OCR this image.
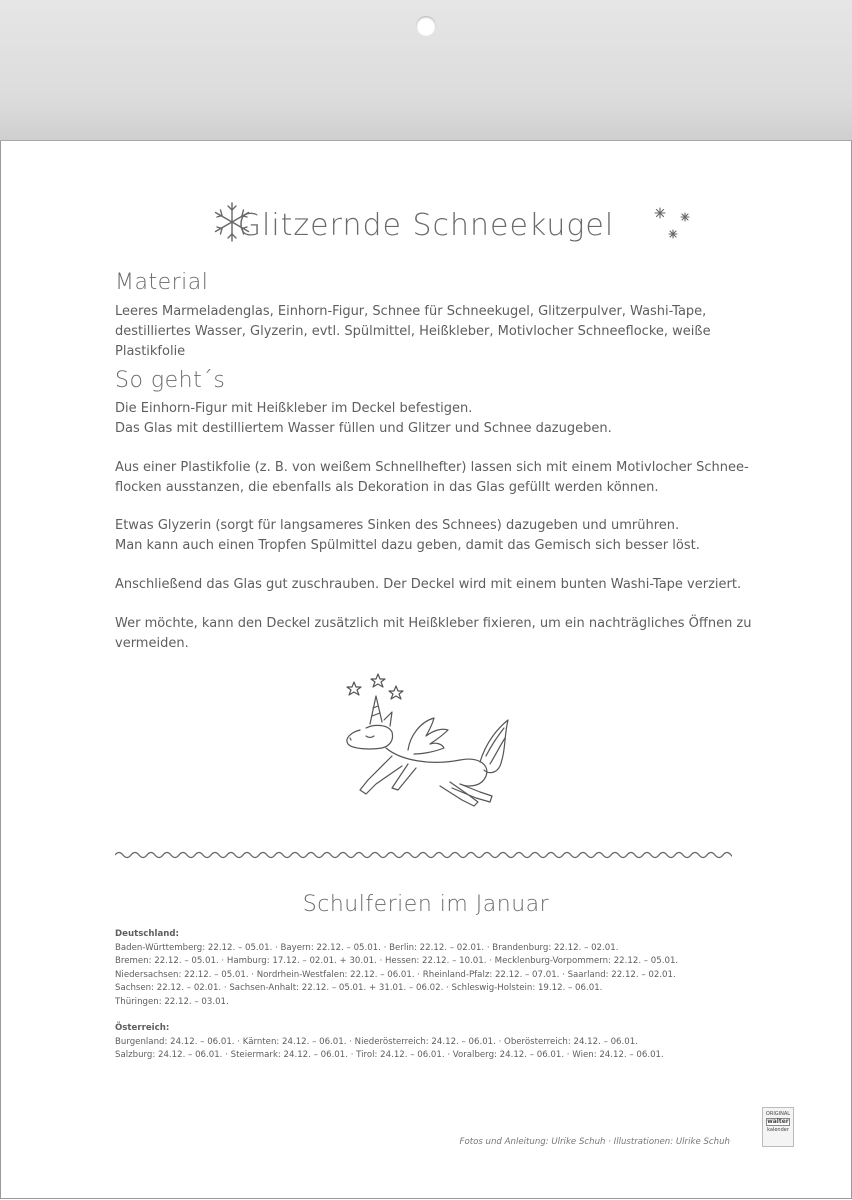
Glitzernde Schneekugel
Material

Leeres Marmeladenglas, Einhorn-Figur, Schnee für Schneekugel, Glitzerpulver, Washi-Tape, destilliertes Wasser, Glyzerin, evtl. Spülmittel, Heißkleber, Motivlocher Schneeflocke, weiße Plastikfolie

So geht´s

Die Einhorn-Figur mit Heißkleber im Deckel befestigen.

Das Glas mit destilliertem Wasser füllen und Glitzer und Schnee dazugeben.

Aus einer Plastikfolie (z. B. von weißem Schnellhefter) lassen sich mit einem Motivlocher Schnee-

flocken ausstanzen, die ebenfalls als Dekoration in das Glas gefüllt werden können.

Etwas Glyzerin (sorgt für langsameres Sinken des Schnees) dazugeben und umrühren.

Man kann auch einen Tropfen Spülmittel dazu geben, damit das Gemisch sich besser löst.

Anschließend das Glas gut zuschrauben. Der Deckel wird mit einem bunten Washi-Tape verziert.

Wer möchte, kann den Deckel zusätzlich mit Heißkleber fixieren, um ein nachträgliches Öffnen zu

vermeiden.

Schulferien im Januar
Deutschland:
Baden-Württemberg: 22.12. – 05.01. · Bayern: 22.12. – 05.01. · Berlin: 22.12. – 02.01. · Brandenburg: 22.12. – 02.01.
Bremen: 22.12. – 05.01. · Hamburg: 17.12. – 02.01. + 30.01. · Hessen: 22.12. – 10.01. · Mecklenburg-Vorpommern: 22.12. – 05.01.
Niedersachsen: 22.12. – 05.01. · Nordrhein-Westfalen: 22.12. – 06.01. · Rheinland-Pfalz: 22.12. – 07.01. · Saarland: 22.12. – 02.01.
Sachsen: 22.12. – 02.01. · Sachsen-Anhalt: 22.12. – 05.01. + 31.01. – 06.02. · Schleswig-Holstein: 19.12. – 06.01.
Thüringen: 22.12. – 03.01.
Österreich:
Burgenland: 24.12. – 06.01. · Kärnten: 24.12. – 06.01. · Niederösterreich: 24.12. – 06.01. · Oberösterreich: 24.12. – 06.01.
Salzburg: 24.12. – 06.01. · Steiermark: 24.12. – 06.01. · Tirol: 24.12. – 06.01. · Voralberg: 24.12. – 06.01. · Wien: 24.12. – 06.01.
ORIGINAL
walter
kalender
Fotos und Anleitung: Ulrike Schuh · Illustrationen: Ulrike Schuh
